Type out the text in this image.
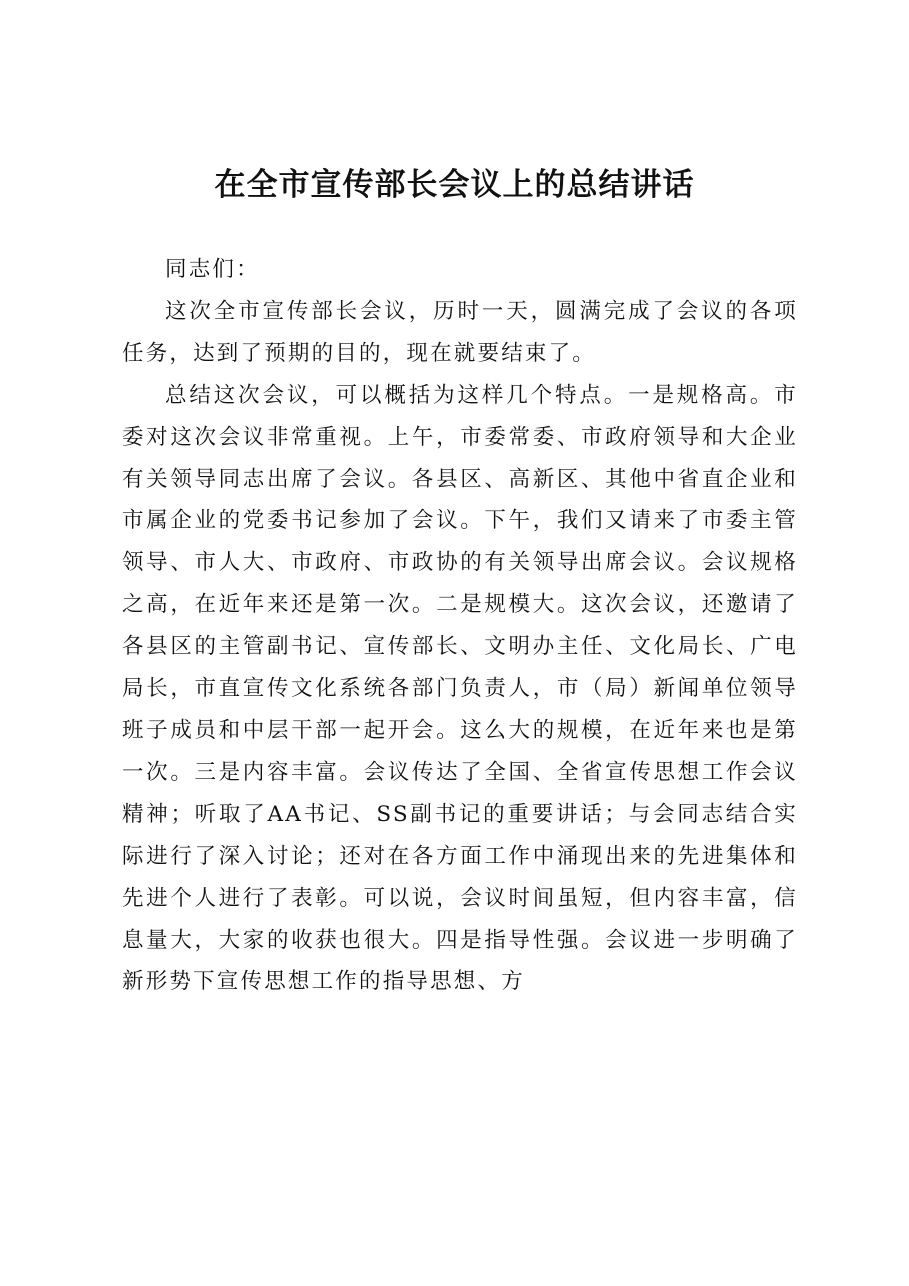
在全市宣传部长会议上的总结讲话

同志们：

这次全市宣传部长会议，历时一天，圆满完成了会议的各项任务，达到了预期的目的，现在就要结束了。

总结这次会议，可以概括为这样几个特点。一是规格高。市委对这次会议非常重视。上午，市委常委、市政府领导和大企业有关领导同志出席了会议。各县区、高新区、其他中省直企业和市属企业的党委书记参加了会议。下午，我们又请来了市委主管领导、市人大、市政府、市政协的有关领导出席会议。会议规格之高，在近年来还是第一次。二是规模大。这次会议，还邀请了各县区的主管副书记、宣传部长、文明办主任、文化局长、广电局长，市直宣传文化系统各部门负责人，市（局）新闻单位领导班子成员和中层干部一起开会。这么大的规模，在近年来也是第一次。三是内容丰富。会议传达了全国、全省宣传思想工作会议精神；听取了AA书记、SS副书记的重要讲话；与会同志结合实际进行了深入讨论；还对在各方面工作中涌现出来的先进集体和先进个人进行了表彰。可以说，会议时间虽短，但内容丰富，信息量大，大家的收获也很大。四是指导性强。会议进一步明确了新形势下宣传思想工作的指导思想、方
